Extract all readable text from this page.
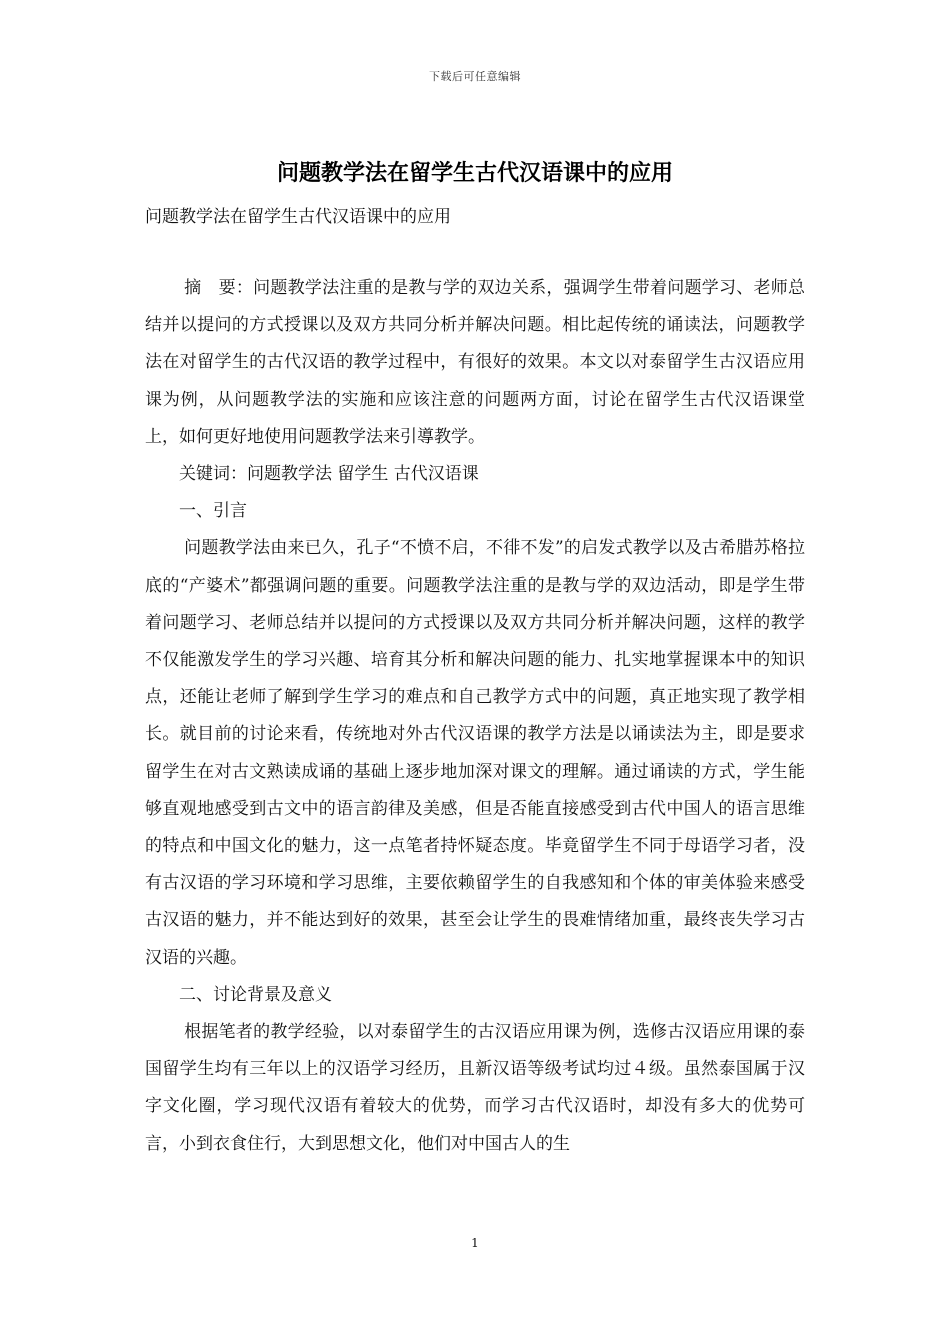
下载后可任意编辑
问题教学法在留学生古代汉语课中的应用
问题教学法在留学生古代汉语课中的应用

摘　要：问题教学法注重的是教与学的双边关系，强调学生带着问题学习、老师总结并以提问的方式授课以及双方共同分析并解决问题。相比起传统的诵读法，问题教学法在对留学生的古代汉语的教学过程中，有很好的效果。本文以对泰留学生古汉语应用课为例，从问题教学法的实施和应该注意的问题两方面，讨论在留学生古代汉语课堂上，如何更好地使用问题教学法来引導教学。

关键词：问题教学法 留学生 古代汉语课

一、引言

问题教学法由来已久，孔子“不愤不启，不徘不发”的启发式教学以及古希腊苏格拉底的“产婆术”都强调问题的重要。问题教学法注重的是教与学的双边活动，即是学生带着问题学习、老师总结并以提问的方式授课以及双方共同分析并解决问题，这样的教学不仅能激发学生的学习兴趣、培育其分析和解决问题的能力、扎实地掌握课本中的知识点，还能让老师了解到学生学习的难点和自己教学方式中的问题，真正地实现了教学相长。就目前的讨论来看，传统地对外古代汉语课的教学方法是以诵读法为主，即是要求留学生在对古文熟读成诵的基础上逐步地加深对课文的理解。通过诵读的方式，学生能够直观地感受到古文中的语言韵律及美感，但是否能直接感受到古代中国人的语言思维的特点和中国文化的魅力，这一点笔者持怀疑态度。毕竟留学生不同于母语学习者，没有古汉语的学习环境和学习思维，主要依赖留学生的自我感知和个体的审美体验来感受古汉语的魅力，并不能达到好的效果，甚至会让学生的畏难情绪加重，最终丧失学习古汉语的兴趣。

二、讨论背景及意义

根据笔者的教学经验，以对泰留学生的古汉语应用课为例，选修古汉语应用课的泰国留学生均有三年以上的汉语学习经历，且新汉语等级考试均过４级。虽然泰国属于汉字文化圈，学习现代汉语有着较大的优势，而学习古代汉语时，却没有多大的优势可言，小到衣食住行，大到思想文化，他们对中国古人的生

1
